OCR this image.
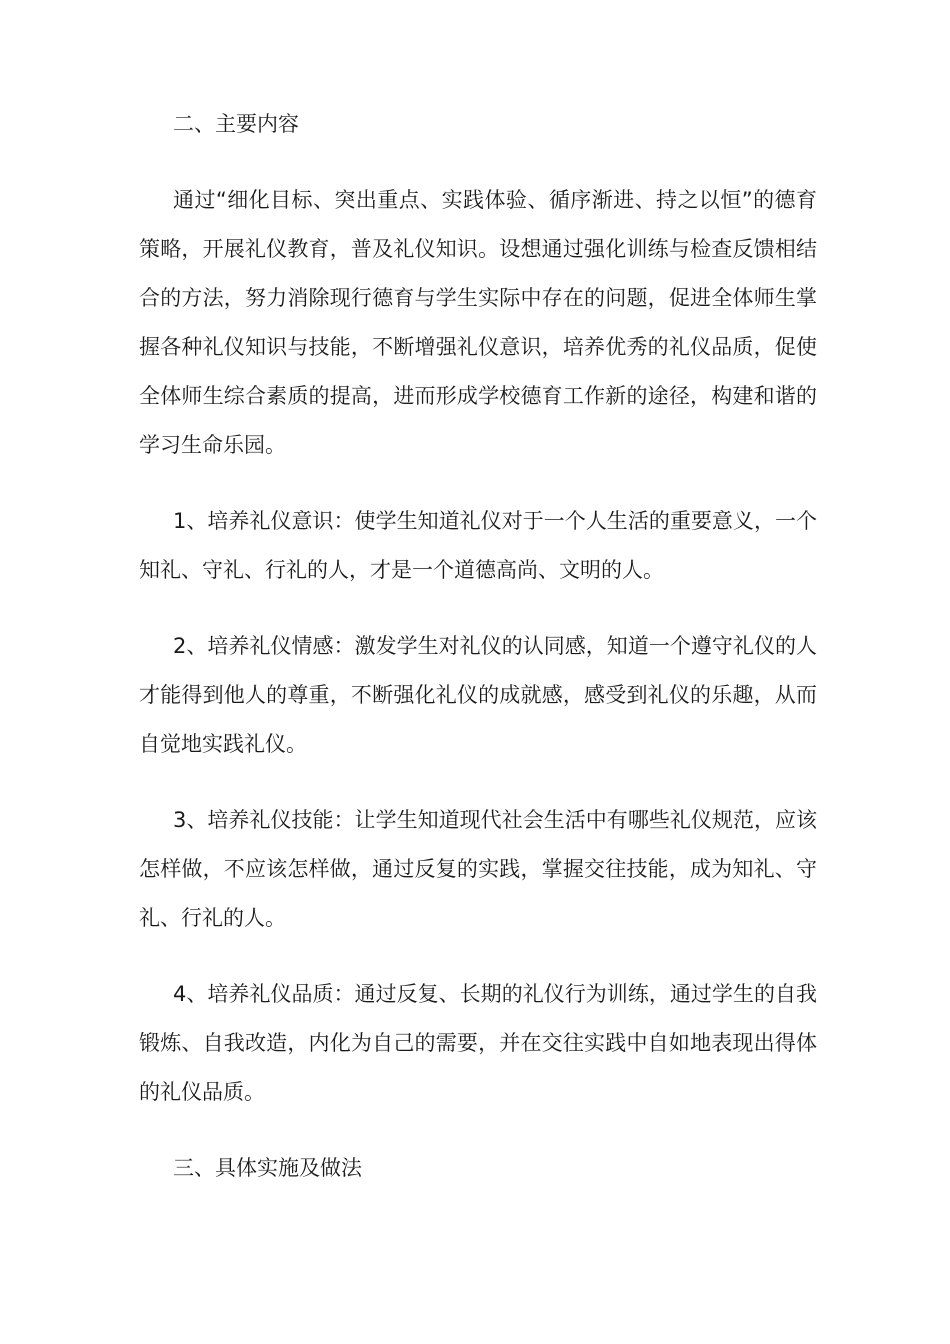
二、主要内容

通过“细化目标、突出重点、实践体验、循序渐进、持之以恒”的德育策略，开展礼仪教育，普及礼仪知识。设想通过强化训练与检查反馈相结合的方法，努力消除现行德育与学生实际中存在的问题，促进全体师生掌握各种礼仪知识与技能，不断增强礼仪意识，培养优秀的礼仪品质，促使全体师生综合素质的提高，进而形成学校德育工作新的途径，构建和谐的学习生命乐园。

1、培养礼仪意识：使学生知道礼仪对于一个人生活的重要意义，一个知礼、守礼、行礼的人，才是一个道德高尚、文明的人。

2、培养礼仪情感：激发学生对礼仪的认同感，知道一个遵守礼仪的人才能得到他人的尊重，不断强化礼仪的成就感，感受到礼仪的乐趣，从而自觉地实践礼仪。

3、培养礼仪技能：让学生知道现代社会生活中有哪些礼仪规范，应该怎样做，不应该怎样做，通过反复的实践，掌握交往技能，成为知礼、守礼、行礼的人。

4、培养礼仪品质：通过反复、长期的礼仪行为训练，通过学生的自我锻炼、自我改造，内化为自己的需要，并在交往实践中自如地表现出得体的礼仪品质。

三、具体实施及做法
